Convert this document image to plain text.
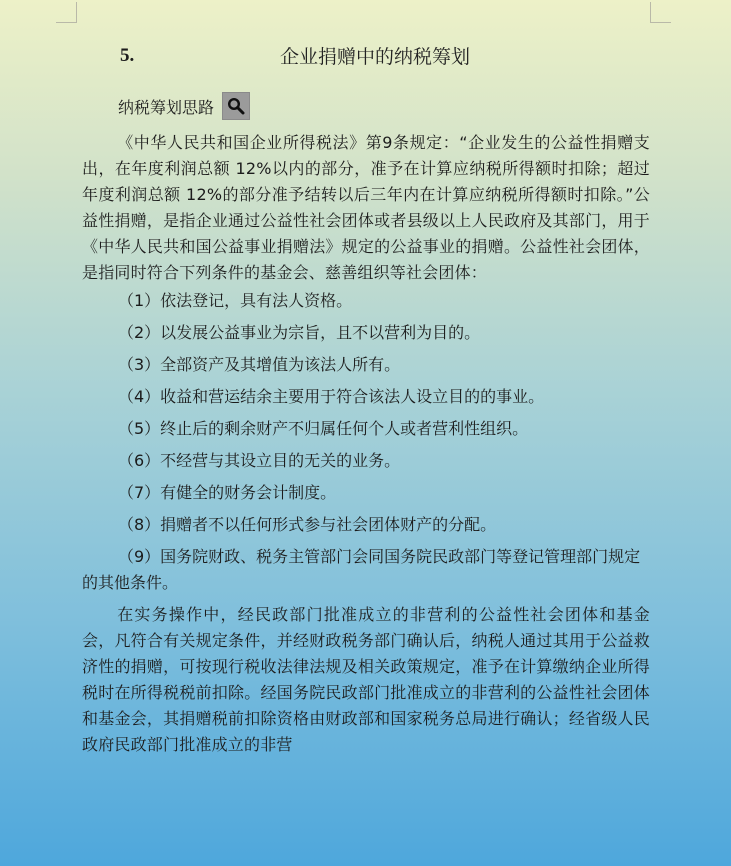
5.	企业捐赠中的纳税筹划
纳税筹划思路

《中华人民共和国企业所得税法》第9条规定：“企业发生的公益性捐赠支出，在年度利润总额 12%以内的部分，准予在计算应纳税所得额时扣除；超过年度利润总额 12%的部分准予结转以后三年内在计算应纳税所得额时扣除。”公益性捐赠，是指企业通过公益性社会团体或者县级以上人民政府及其部门，用于《中华人民共和国公益事业捐赠法》规定的公益事业的捐赠。公益性社会团体，是指同时符合下列条件的基金会、慈善组织等社会团体：

（1）依法登记，具有法人资格。
（2）以发展公益事业为宗旨，且不以营利为目的。
（3）全部资产及其增值为该法人所有。
（4）收益和营运结余主要用于符合该法人设立目的的事业。
（5）终止后的剩余财产不归属任何个人或者营利性组织。
（6）不经营与其设立目的无关的业务。
（7）有健全的财务会计制度。
（8）捐赠者不以任何形式参与社会团体财产的分配。
（9）国务院财政、税务主管部门会同国务院民政部门等登记管理部门规定的其他条件。

在实务操作中，经民政部门批准成立的非营利的公益性社会团体和基金会，凡符合有关规定条件，并经财政税务部门确认后，纳税人通过其用于公益救济性的捐赠，可按现行税收法律法规及相关政策规定，准予在计算缴纳企业所得税时在所得税税前扣除。经国务院民政部门批准成立的非营利的公益性社会团体和基金会，其捐赠税前扣除资格由财政部和国家税务总局进行确认；经省级人民政府民政部门批准成立的非营
